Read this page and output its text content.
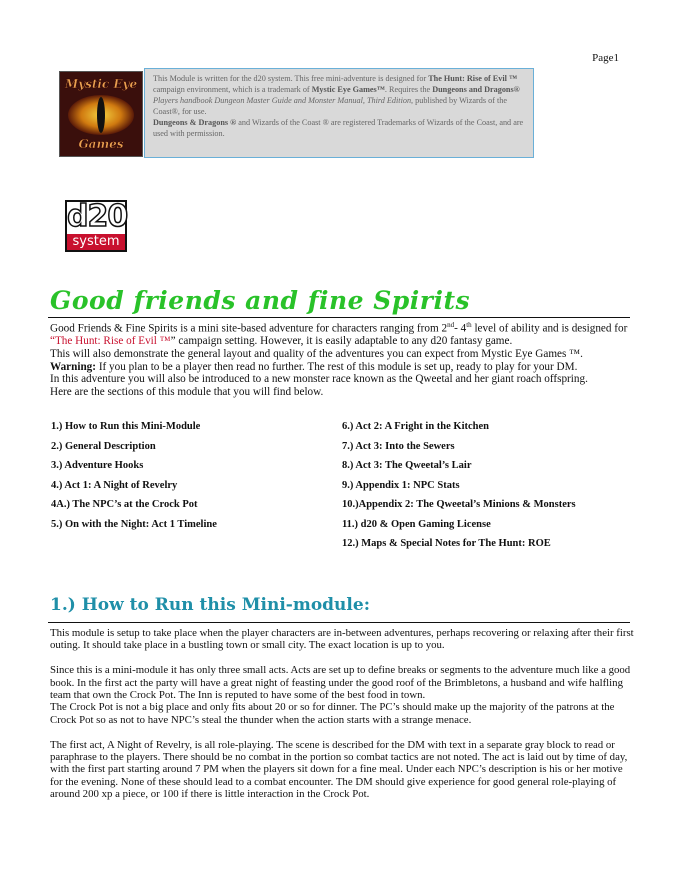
Page1
Mystic Eye
Games
This Module is written for the d20 system. This free mini-adventure is designed for The Hunt: Rise of Evil ™ campaign environment, which is a trademark of Mystic Eye Games™. Requires the Dungeons and Dragons® Players handbook Dungeon Master Guide and Monster Manual, Third Edition, published by Wizards of the Coast®, for use.
Dungeons & Dragons ® and Wizards of the Coast ® are registered Trademarks of Wizards of the Coast, and are used with permission.
d20
system
Good friends and fine Spirits

Good Friends & Fine Spirits is a mini site-based adventure for characters ranging from 2nd- 4th level of ability and is designed for
“The Hunt: Rise of Evil ™” campaign setting. However, it is easily adaptable to any d20 fantasy game.

This will also demonstrate the general layout and quality of the adventures you can expect from Mystic Eye Games ™.

Warning: If you plan to be a player then read no further. The rest of this module is set up, ready to play for your DM.

In this adventure you will also be introduced to a new monster race known as the Qweetal and her giant roach offspring.

Here are the sections of this module that you will find below.

1.) How to Run this Mini-Module
2.) General Description
3.) Adventure Hooks
4.) Act 1: A Night of Revelry
4A.) The NPC’s at the Crock Pot
5.) On with the Night: Act 1 Timeline
6.) Act 2: A Fright in the Kitchen
7.) Act 3: Into the Sewers
8.) Act 3: The Qweetal’s Lair
9.) Appendix 1: NPC Stats
10.)Appendix 2: The Qweetal’s Minions & Monsters
11.) d20 & Open Gaming License
12.) Maps & Special Notes for The Hunt: ROE
1.) How to Run this Mini-module:

This module is setup to take place when the player characters are in-between adventures, perhaps recovering or relaxing after their first outing. It should take place in a bustling town or small city. The exact location is up to you.

Since this is a mini-module it has only three small acts. Acts are set up to define breaks or segments to the adventure much like a good book. In the first act the party will have a great night of feasting under the good roof of the Brimbletons, a husband and wife halfling team that own the Crock Pot. The Inn is reputed to have some of the best food in town.

The Crock Pot is not a big place and only fits about 20 or so for dinner. The PC’s should make up the majority of the patrons at the Crock Pot so as not to have NPC’s steal the thunder when the action starts with a strange menace.

The first act, A Night of Revelry, is all role-playing. The scene is described for the DM with text in a separate gray block to read or paraphrase to the players. There should be no combat in the portion so combat tactics are not noted. The act is laid out by time of day, with the first part starting around 7 PM when the players sit down for a fine meal. Under each NPC’s description is his or her motive for the evening. None of these should lead to a combat encounter. The DM should give experience for good general role-playing of around 200 xp a piece, or 100 if there is little interaction in the Crock Pot.
